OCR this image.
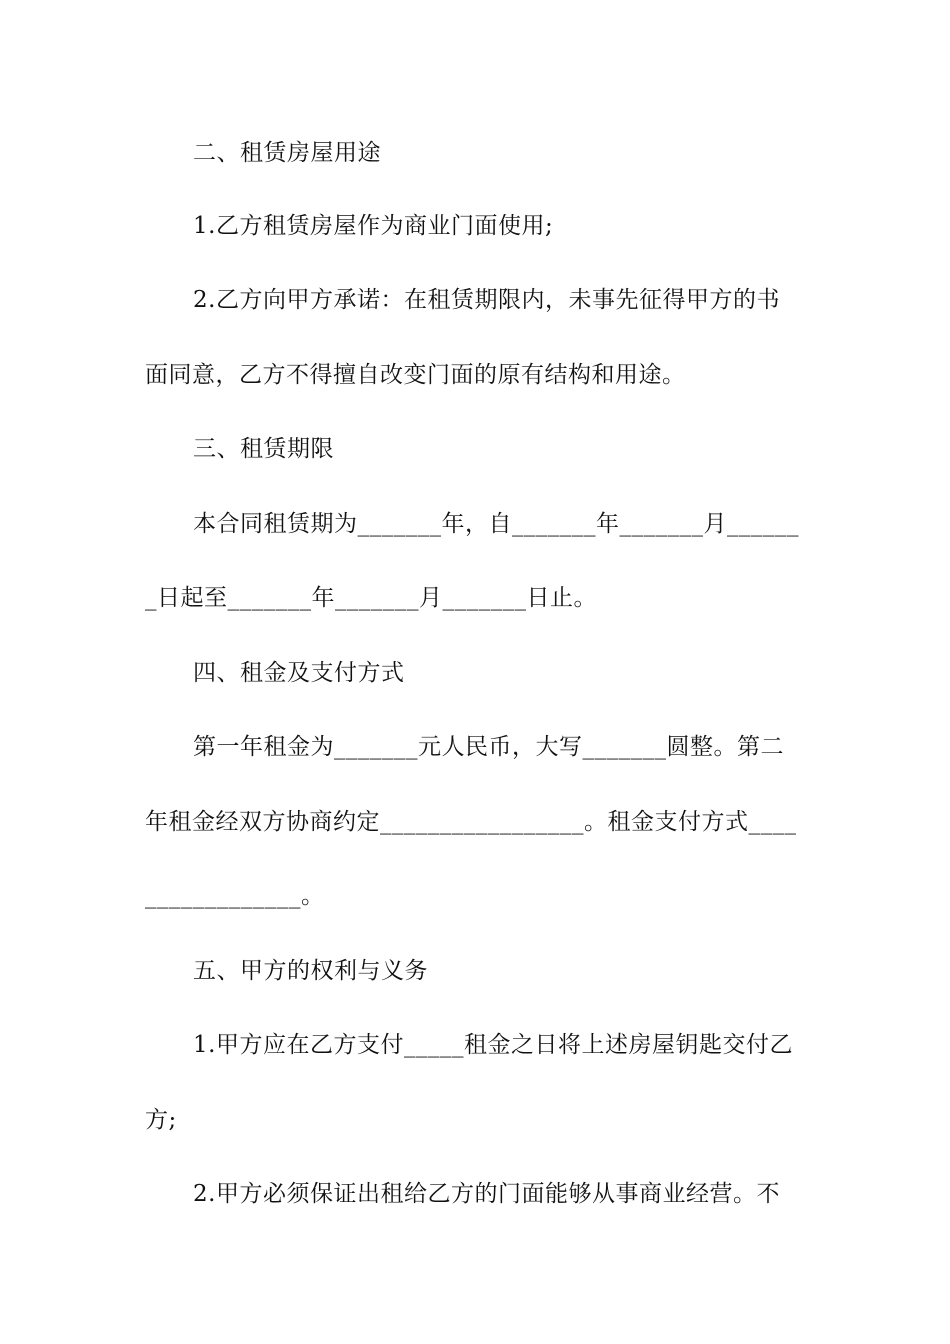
二、租赁房屋用途
1.乙方租赁房屋作为商业门面使用;
2.乙方向甲方承诺：在租赁期限内，未事先征得甲方的书
面同意，乙方不得擅自改变门面的原有结构和用途。
三、租赁期限
本合同租赁期为_______年，自_______年_______月______
_日起至_______年_______月_______日止。
四、租金及支付方式
第一年租金为_______元人民币，大写_______圆整。第二
年租金经双方协商约定_________________。租金支付方式____
_____________。
五、甲方的权利与义务
1.甲方应在乙方支付_____租金之日将上述房屋钥匙交付乙
方;
2.甲方必须保证出租给乙方的门面能够从事商业经营。不
